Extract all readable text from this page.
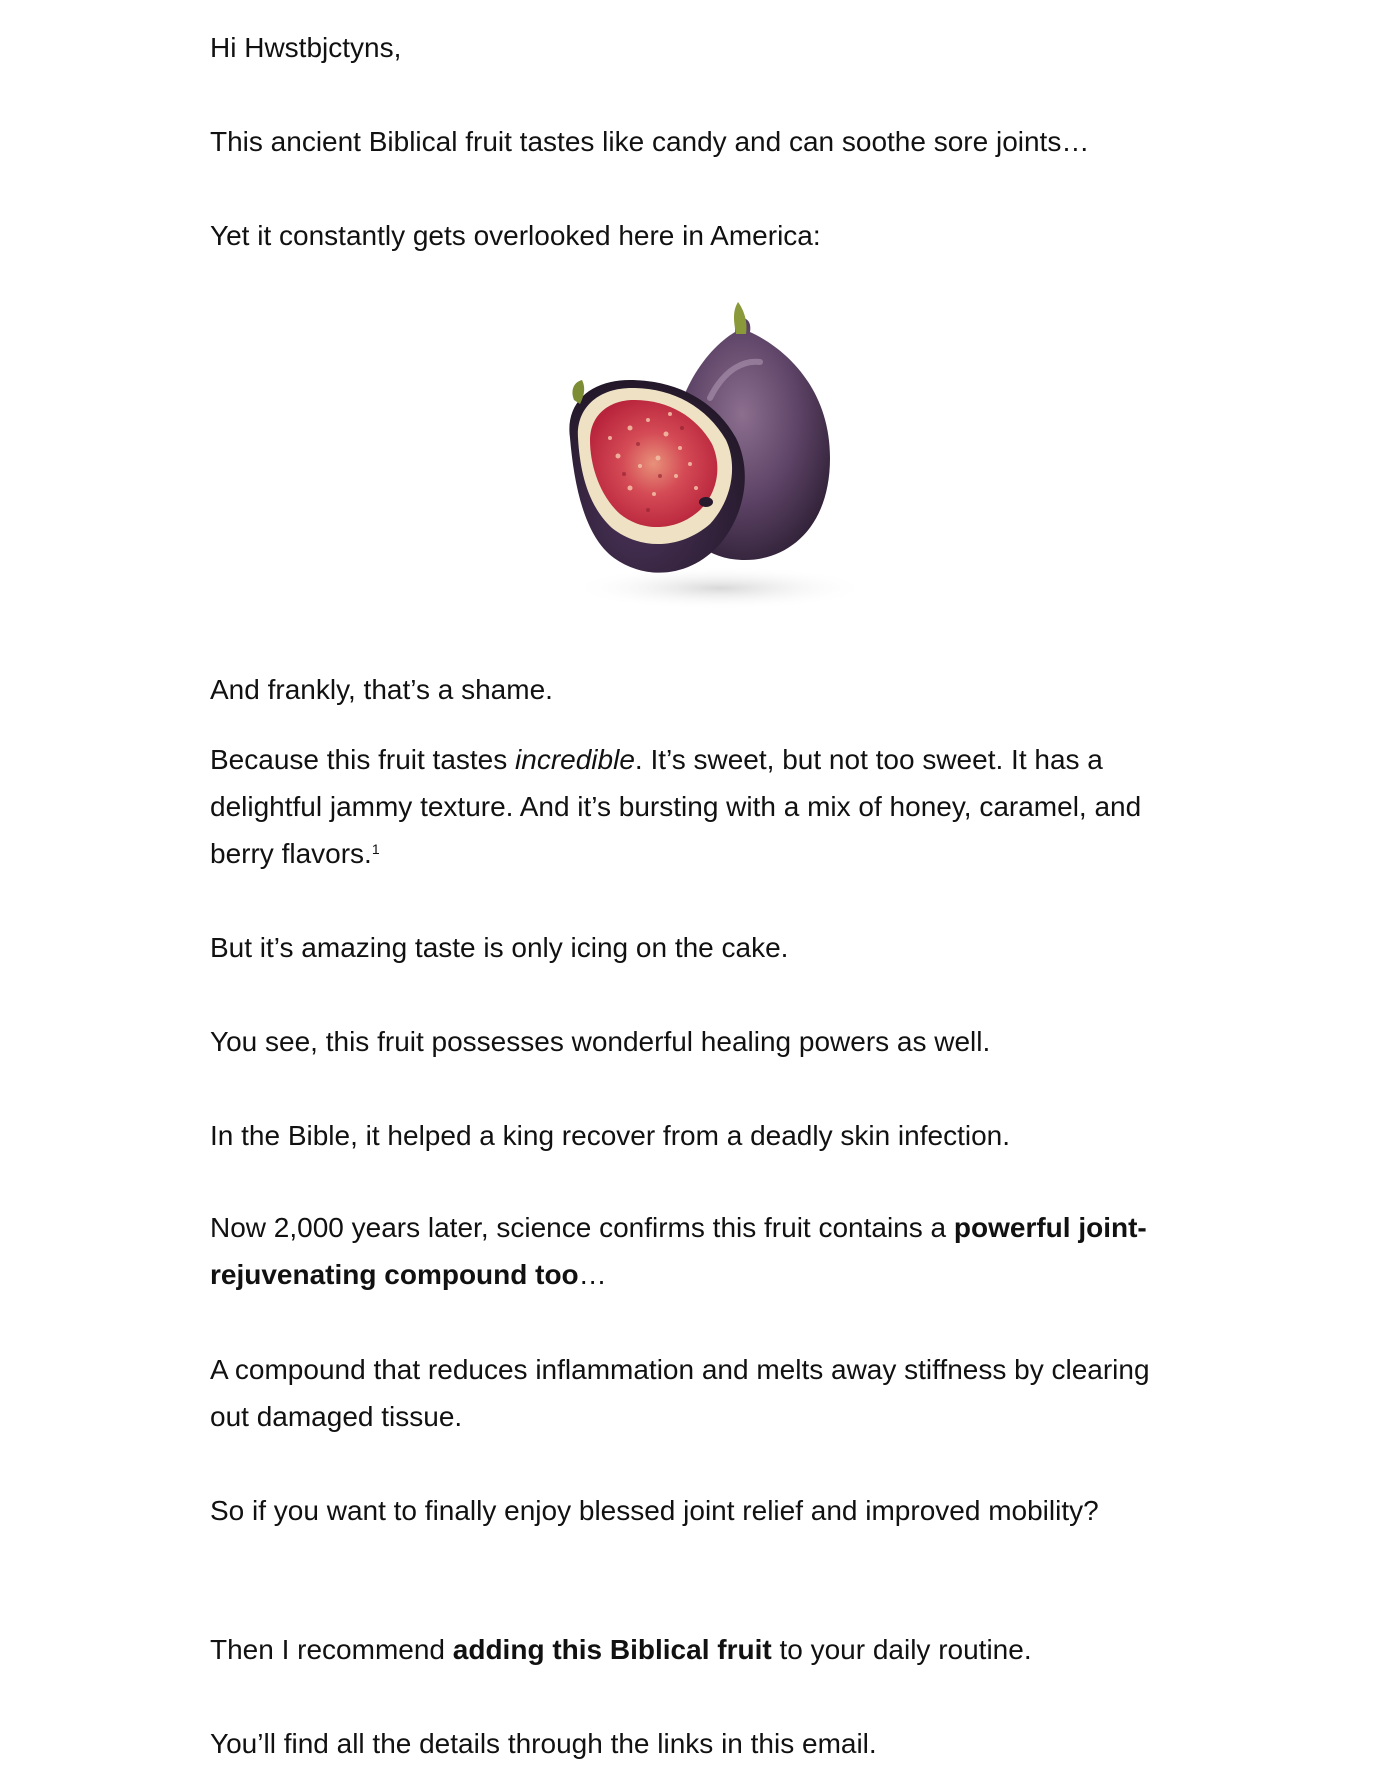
Hi Hwstbjctyns,

This ancient Biblical fruit tastes like candy and can soothe sore joints…

Yet it constantly gets overlooked here in America:

And frankly, that’s a shame.

Because this fruit tastes incredible. It’s sweet, but not too sweet. It has a delightful jammy texture. And it’s bursting with a mix of honey, caramel, and berry flavors.$^1$

But it’s amazing taste is only icing on the cake.

You see, this fruit possesses wonderful healing powers as well.

In the Bible, it helped a king recover from a deadly skin infection.

Now 2,000 years later, science confirms this fruit contains a powerful joint-rejuvenating compound too…

A compound that reduces inflammation and melts away stiffness by clearing out damaged tissue.

So if you want to finally enjoy blessed joint relief and improved mobility?

Then I recommend adding this Biblical fruit to your daily routine.

You’ll find all the details through the links in this email.
